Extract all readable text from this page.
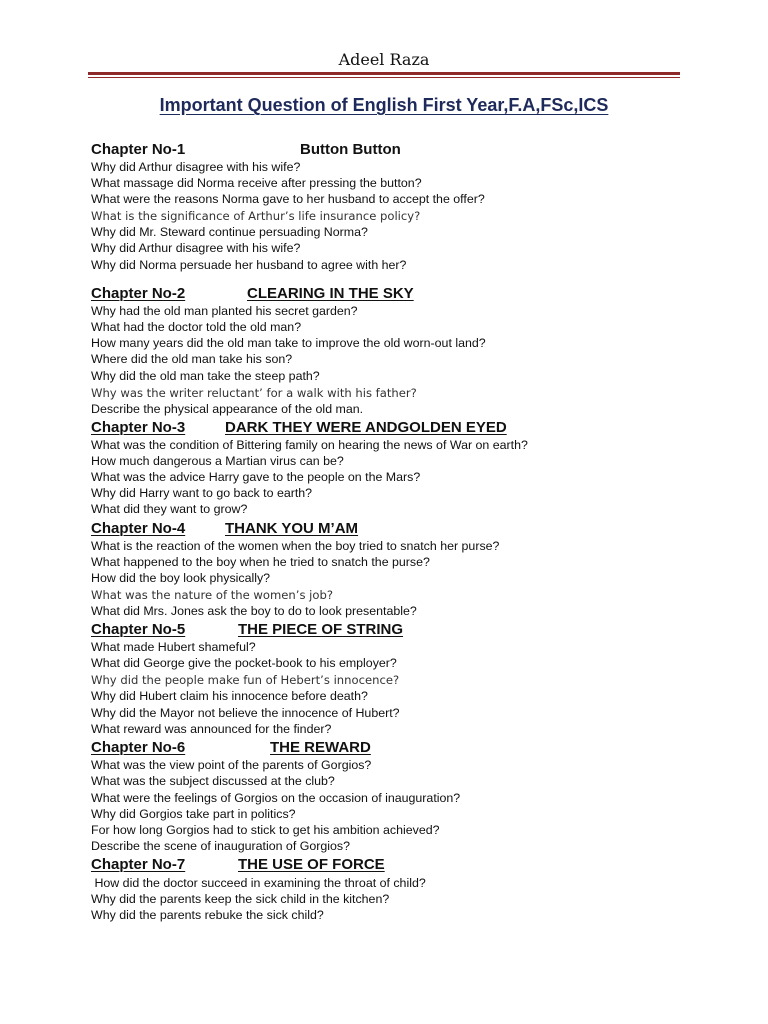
Adeel Raza
Important Question of English First Year,F.A,FSc,ICS
Chapter No-1	Button Button
Why did Arthur disagree with his wife?
What massage did Norma receive after pressing the button?
What were the reasons Norma gave to her husband to accept the offer?
What is the significance of Arthur’s life insurance policy?
Why did Mr. Steward continue persuading Norma?
Why did Arthur disagree with his wife?
Why did Norma persuade her husband to agree with her?
Chapter No-2	CLEARING IN THE SKY
Why had the old man planted his secret garden?
What had the doctor told the old man?
How many years did the old man take to improve the old worn-out land?
Where did the old man take his son?
Why did the old man take the steep path?
Why was the writer reluctant’ for a walk with his father?
Describe the physical appearance of the old man.
Chapter No-3	DARK THEY WERE ANDGOLDEN EYED
What was the condition of Bittering family on hearing the news of War on earth?
How much dangerous a Martian virus can be?
What was the advice Harry gave to the people on the Mars?
Why did Harry want to go back to earth?
What did they want to grow?
Chapter No-4	THANK YOU M’AM
What is the reaction of the women when the boy tried to snatch her purse?
What happened to the boy when he tried to snatch the purse?
How did the boy look physically?
What was the nature of the women’s job?
What did Mrs. Jones ask the boy to do to look presentable?
Chapter No-5	THE PIECE OF STRING
What made Hubert shameful?
What did George give the pocket-book to his employer?
Why did the people make fun of Hebert’s innocence?
Why did Hubert claim his innocence before death?
Why did the Mayor not believe the innocence of Hubert?
What reward was announced for the finder?
Chapter No-6	THE REWARD
What was the view point of the parents of Gorgios?
What was the subject discussed at the club?
What were the feelings of Gorgios on the occasion of inauguration?
Why did Gorgios take part in politics?
For how long Gorgios had to stick to get his ambition achieved?
Describe the scene of inauguration of Gorgios?
Chapter No-7	THE USE OF FORCE
How did the doctor succeed in examining the throat of child?
Why did the parents keep the sick child in the kitchen?
Why did the parents rebuke the sick child?
